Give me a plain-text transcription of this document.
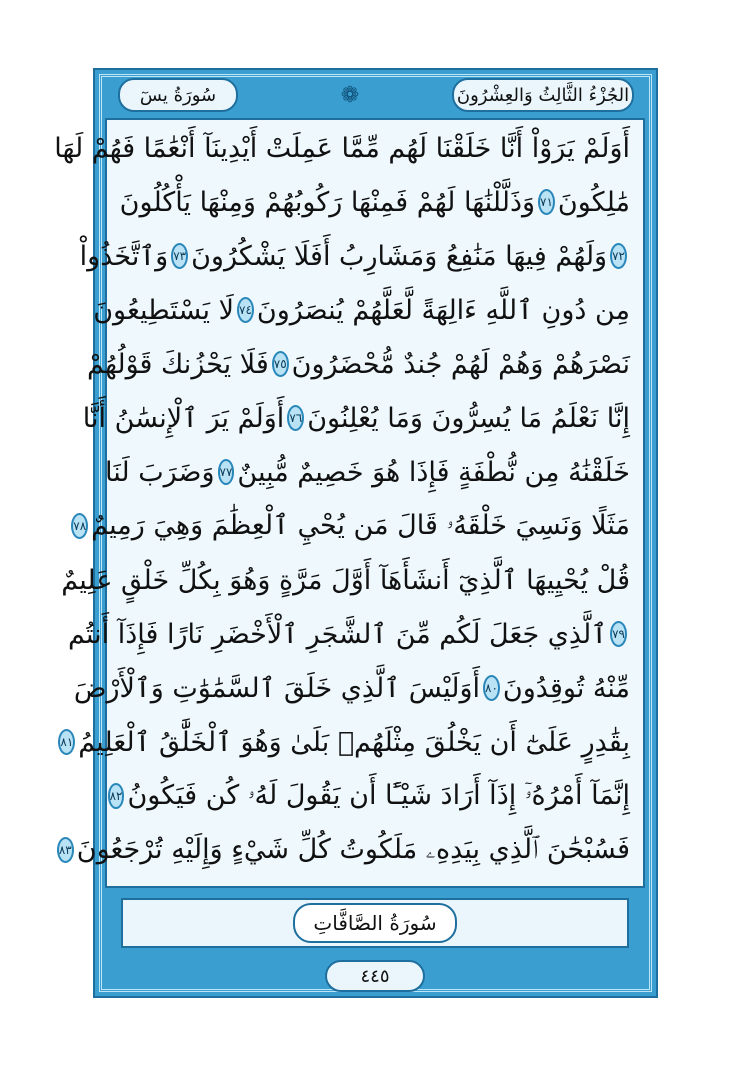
سُورَةُ يسٓ	❁	الجُزْءُ الثَّالِثُ وَالعِشْرُونَ
أَوَلَمْ يَرَوْاْ أَنَّا خَلَقْنَا لَهُم مِّمَّا عَمِلَتْ أَيْدِينَآ أَنْعَٰمًا فَهُمْ لَهَا
مَٰلِكُونَ
٧١
وَذَلَّلْنَٰهَا لَهُمْ فَمِنْهَا رَكُوبُهُمْ وَمِنْهَا يَأْكُلُونَ
٧٢
وَلَهُمْ فِيهَا مَنَٰفِعُ وَمَشَارِبُ أَفَلَا يَشْكُرُونَ
٧٣
وَٱتَّخَذُواْ
مِن دُونِ ٱللَّهِ ءَالِهَةً لَّعَلَّهُمْ يُنصَرُونَ
٧٤
لَا يَسْتَطِيعُونَ
نَصْرَهُمْ وَهُمْ لَهُمْ جُندٌ مُّحْضَرُونَ
٧٥
فَلَا يَحْزُنكَ قَوْلُهُمْ
إِنَّا نَعْلَمُ مَا يُسِرُّونَ وَمَا يُعْلِنُونَ
٧٦
أَوَلَمْ يَرَ ٱلْإِنسَٰنُ أَنَّا
خَلَقْنَٰهُ مِن نُّطْفَةٍ فَإِذَا هُوَ خَصِيمٌ مُّبِينٌ
٧٧
وَضَرَبَ لَنَا
مَثَلًا وَنَسِيَ خَلْقَهُۥ قَالَ مَن يُحْيِ ٱلْعِظَٰمَ وَهِيَ رَمِيمٌ
٧٨
قُلْ يُحْيِيهَا ٱلَّذِيٓ أَنشَأَهَآ أَوَّلَ مَرَّةٍ وَهُوَ بِكُلِّ خَلْقٍ عَلِيمٌ
٧٩
ٱلَّذِي جَعَلَ لَكُم مِّنَ ٱلشَّجَرِ ٱلْأَخْضَرِ نَارًا فَإِذَآ أَنتُم
مِّنْهُ تُوقِدُونَ
٨٠
أَوَلَيْسَ ٱلَّذِي خَلَقَ ٱلسَّمَٰوَٰتِ وَٱلْأَرْضَ
بِقَٰدِرٍ عَلَىٰٓ أَن يَخْلُقَ مِثْلَهُمۚ بَلَىٰ وَهُوَ ٱلْخَلَّٰقُ ٱلْعَلِيمُ
٨١
إِنَّمَآ أَمْرُهُۥٓ إِذَآ أَرَادَ شَيْـًٔا أَن يَقُولَ لَهُۥ كُن فَيَكُونُ
٨٢
فَسُبْحَٰنَ ٱلَّذِي بِيَدِهِۦ مَلَكُوتُ كُلِّ شَيْءٍ وَإِلَيْهِ تُرْجَعُونَ
٨٣
سُورَةُ الصَّافَّاتِ
٤٤٥
